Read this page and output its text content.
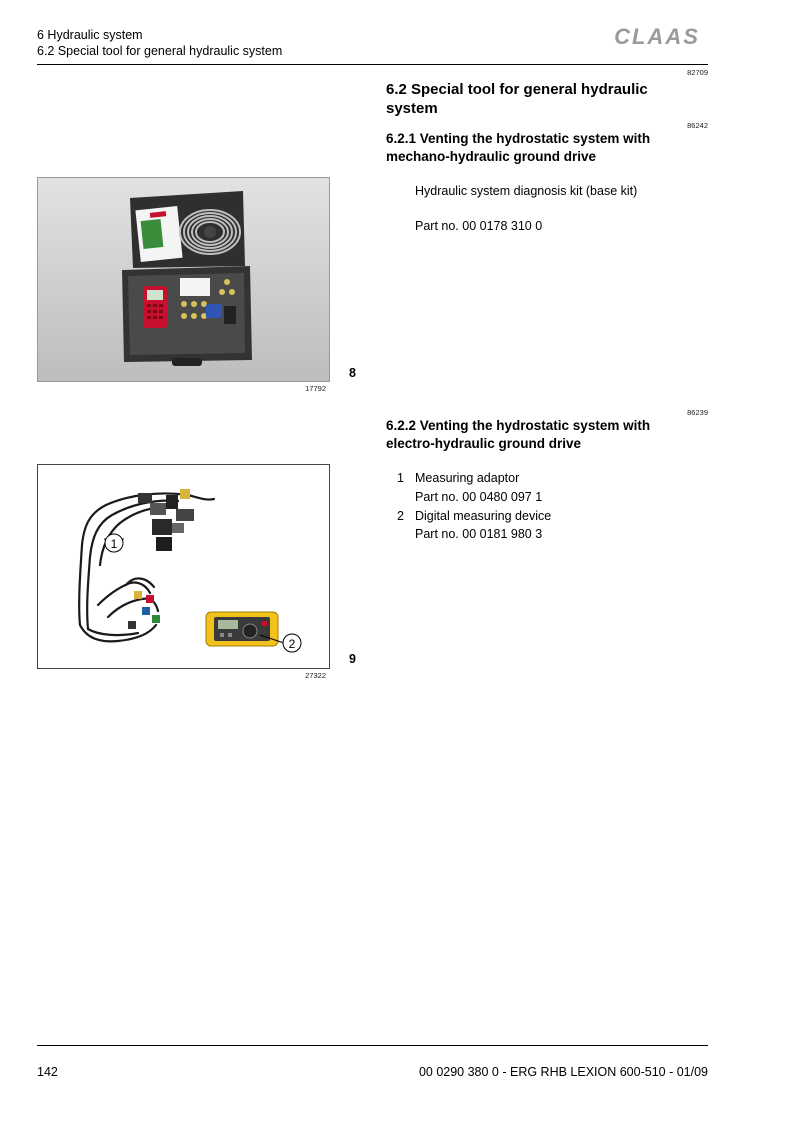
6 Hydraulic system
6.2 Special tool for general hydraulic system
CLAAS
82709
6.2 Special tool for general hydraulic system
86242
6.2.1 Venting the hydrostatic system with mechano-hydraulic ground drive
Hydraulic system diagnosis kit (base kit)
Part no. 00 0178 310 0
86239
6.2.2 Venting the hydrostatic system with electro-hydraulic ground drive
1 Measuring adaptor
Part no. 00 0480 097 1
2 Digital measuring device
Part no. 00 0181 980 3
8
17792
1
2
9
27322
142	00 0290 380 0 - ERG RHB LEXION 600-510 - 01/09
